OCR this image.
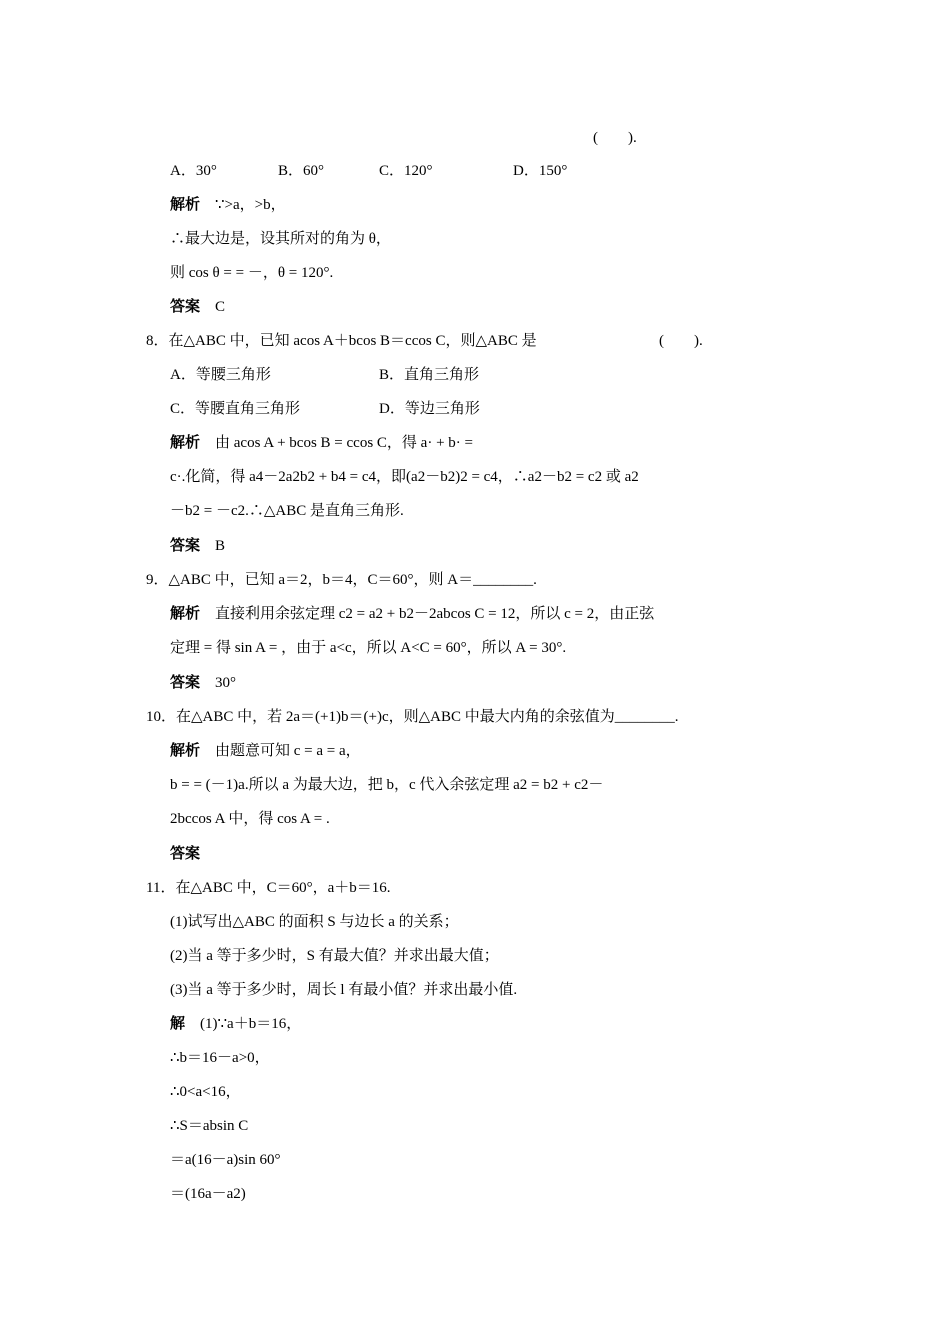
(　　).
A．30°	B．60°	C．120°	D．150°
解析 ∵>a，>b，
∴最大边是，设其所对的角为 θ，
则 cos θ = = －，θ = 120°.
答案 C
8．在△ABC 中，已知 acos A＋bcos B＝ccos C，则△ABC 是	(　　).
A．等腰三角形	B．直角三角形
C．等腰直角三角形	D．等边三角形
解析 由 acos A + bcos B = ccos C，得 a· + b· =
c·.化简，得 a4－2a2b2 + b4 = c4，即(a2－b2)2 = c4，∴a2－b2 = c2 或 a2
－b2 = －c2.∴△ABC 是直角三角形.
答案 B
9．△ABC 中，已知 a＝2，b＝4，C＝60°，则 A＝________.
解析 直接利用余弦定理 c2 = a2 + b2－2abcos C = 12，所以 c = 2，由正弦
定理 = 得 sin A = ，由于 a<c，所以 A<C = 60°，所以 A = 30°.
答案 30°
10．在△ABC 中，若 2a＝(+1)b＝(+)c，则△ABC 中最大内角的余弦值为________.
解析 由题意可知 c = a = a，
b = = (－1)a.所以 a 为最大边，把 b，c 代入余弦定理 a2 = b2 + c2－
2bccos A 中，得 cos A = .
答案
11．在△ABC 中，C＝60°，a＋b＝16.
(1)试写出△ABC 的面积 S 与边长 a 的关系；
(2)当 a 等于多少时，S 有最大值？并求出最大值；
(3)当 a 等于多少时，周长 l 有最小值？并求出最小值.
解 (1)∵a＋b＝16，
∴b＝16－a>0，
∴0<a<16，
∴S＝absin C
＝a(16－a)sin 60°
＝(16a－a2)
